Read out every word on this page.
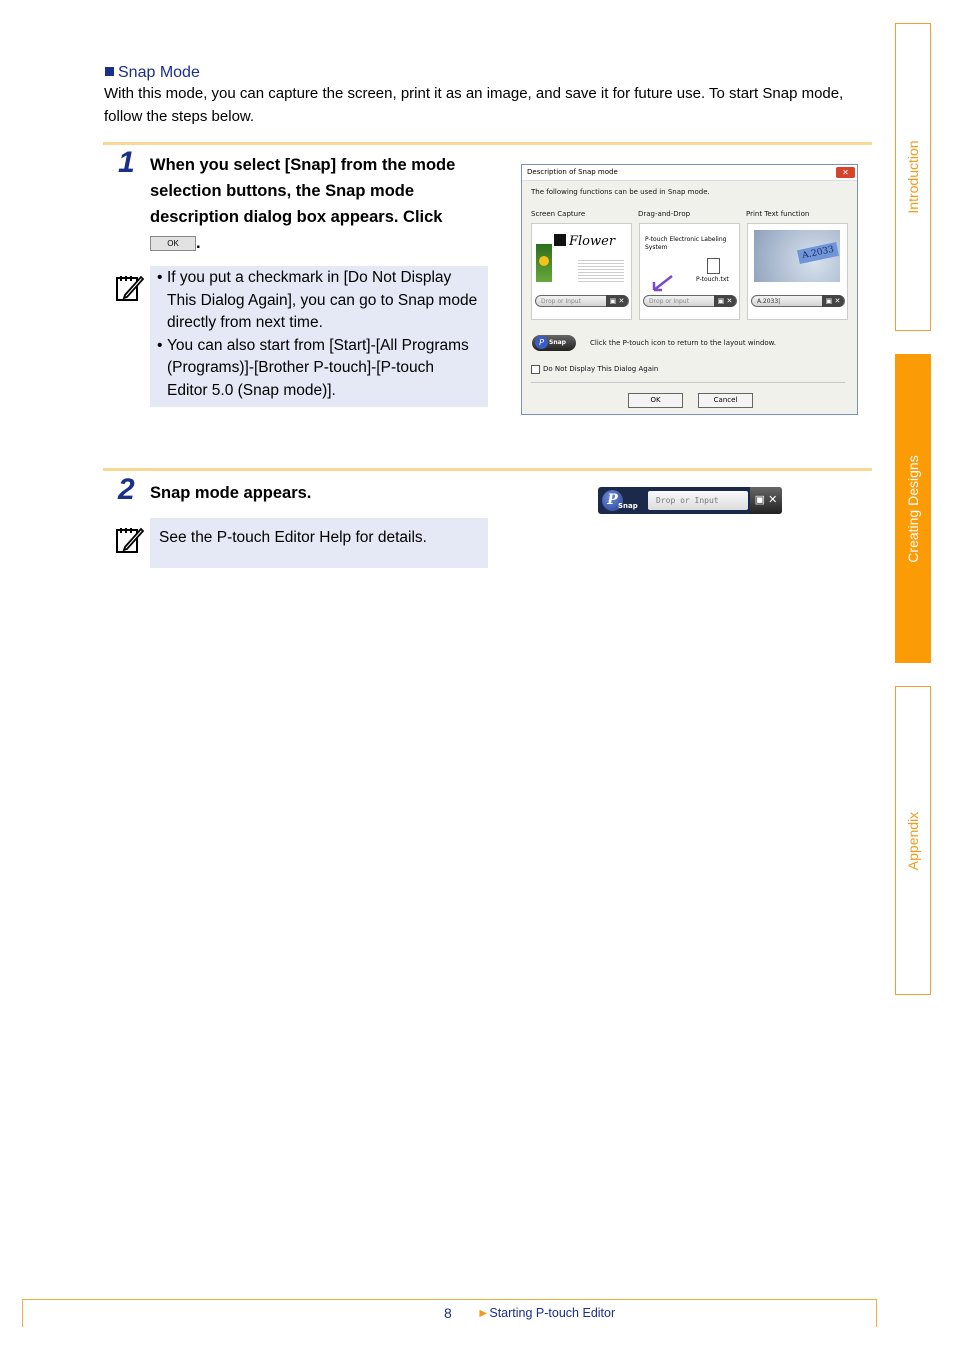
Snap Mode
With this mode, you can capture the screen, print it as an image, and save it for future use. To start Snap mode, follow the steps below.
1 When you select [Snap] from the mode selection buttons, the Snap mode description dialog box appears. Click OK .
• If you put a checkmark in [Do Not Display This Dialog Again], you can go to Snap mode directly from next time.
• You can also start from [Start]-[All Programs (Programs)]-[Brother P-touch]-[P-touch Editor 5.0 (Snap mode)].
Description of Snap mode	✕
The following functions can be used in Snap mode.
Screen Capture	Drag-and-Drop	Print Text function
Flower
Drop or Input	▣ ✕
P-touch Electronic Labeling System
P-touch.txt
Drop or Input	▣ ✕
A.2033
A.2033|	▣ ✕
P Snap	Click the P-touch icon to return to the layout window.
Do Not Display This Dialog Again
OK	Cancel
2 Snap mode appears.
See the P-touch Editor Help for details.
P Snap
Drop or Input	▣ ✕
Introduction
Creating Designs
Appendix
8 ►Starting P-touch Editor
